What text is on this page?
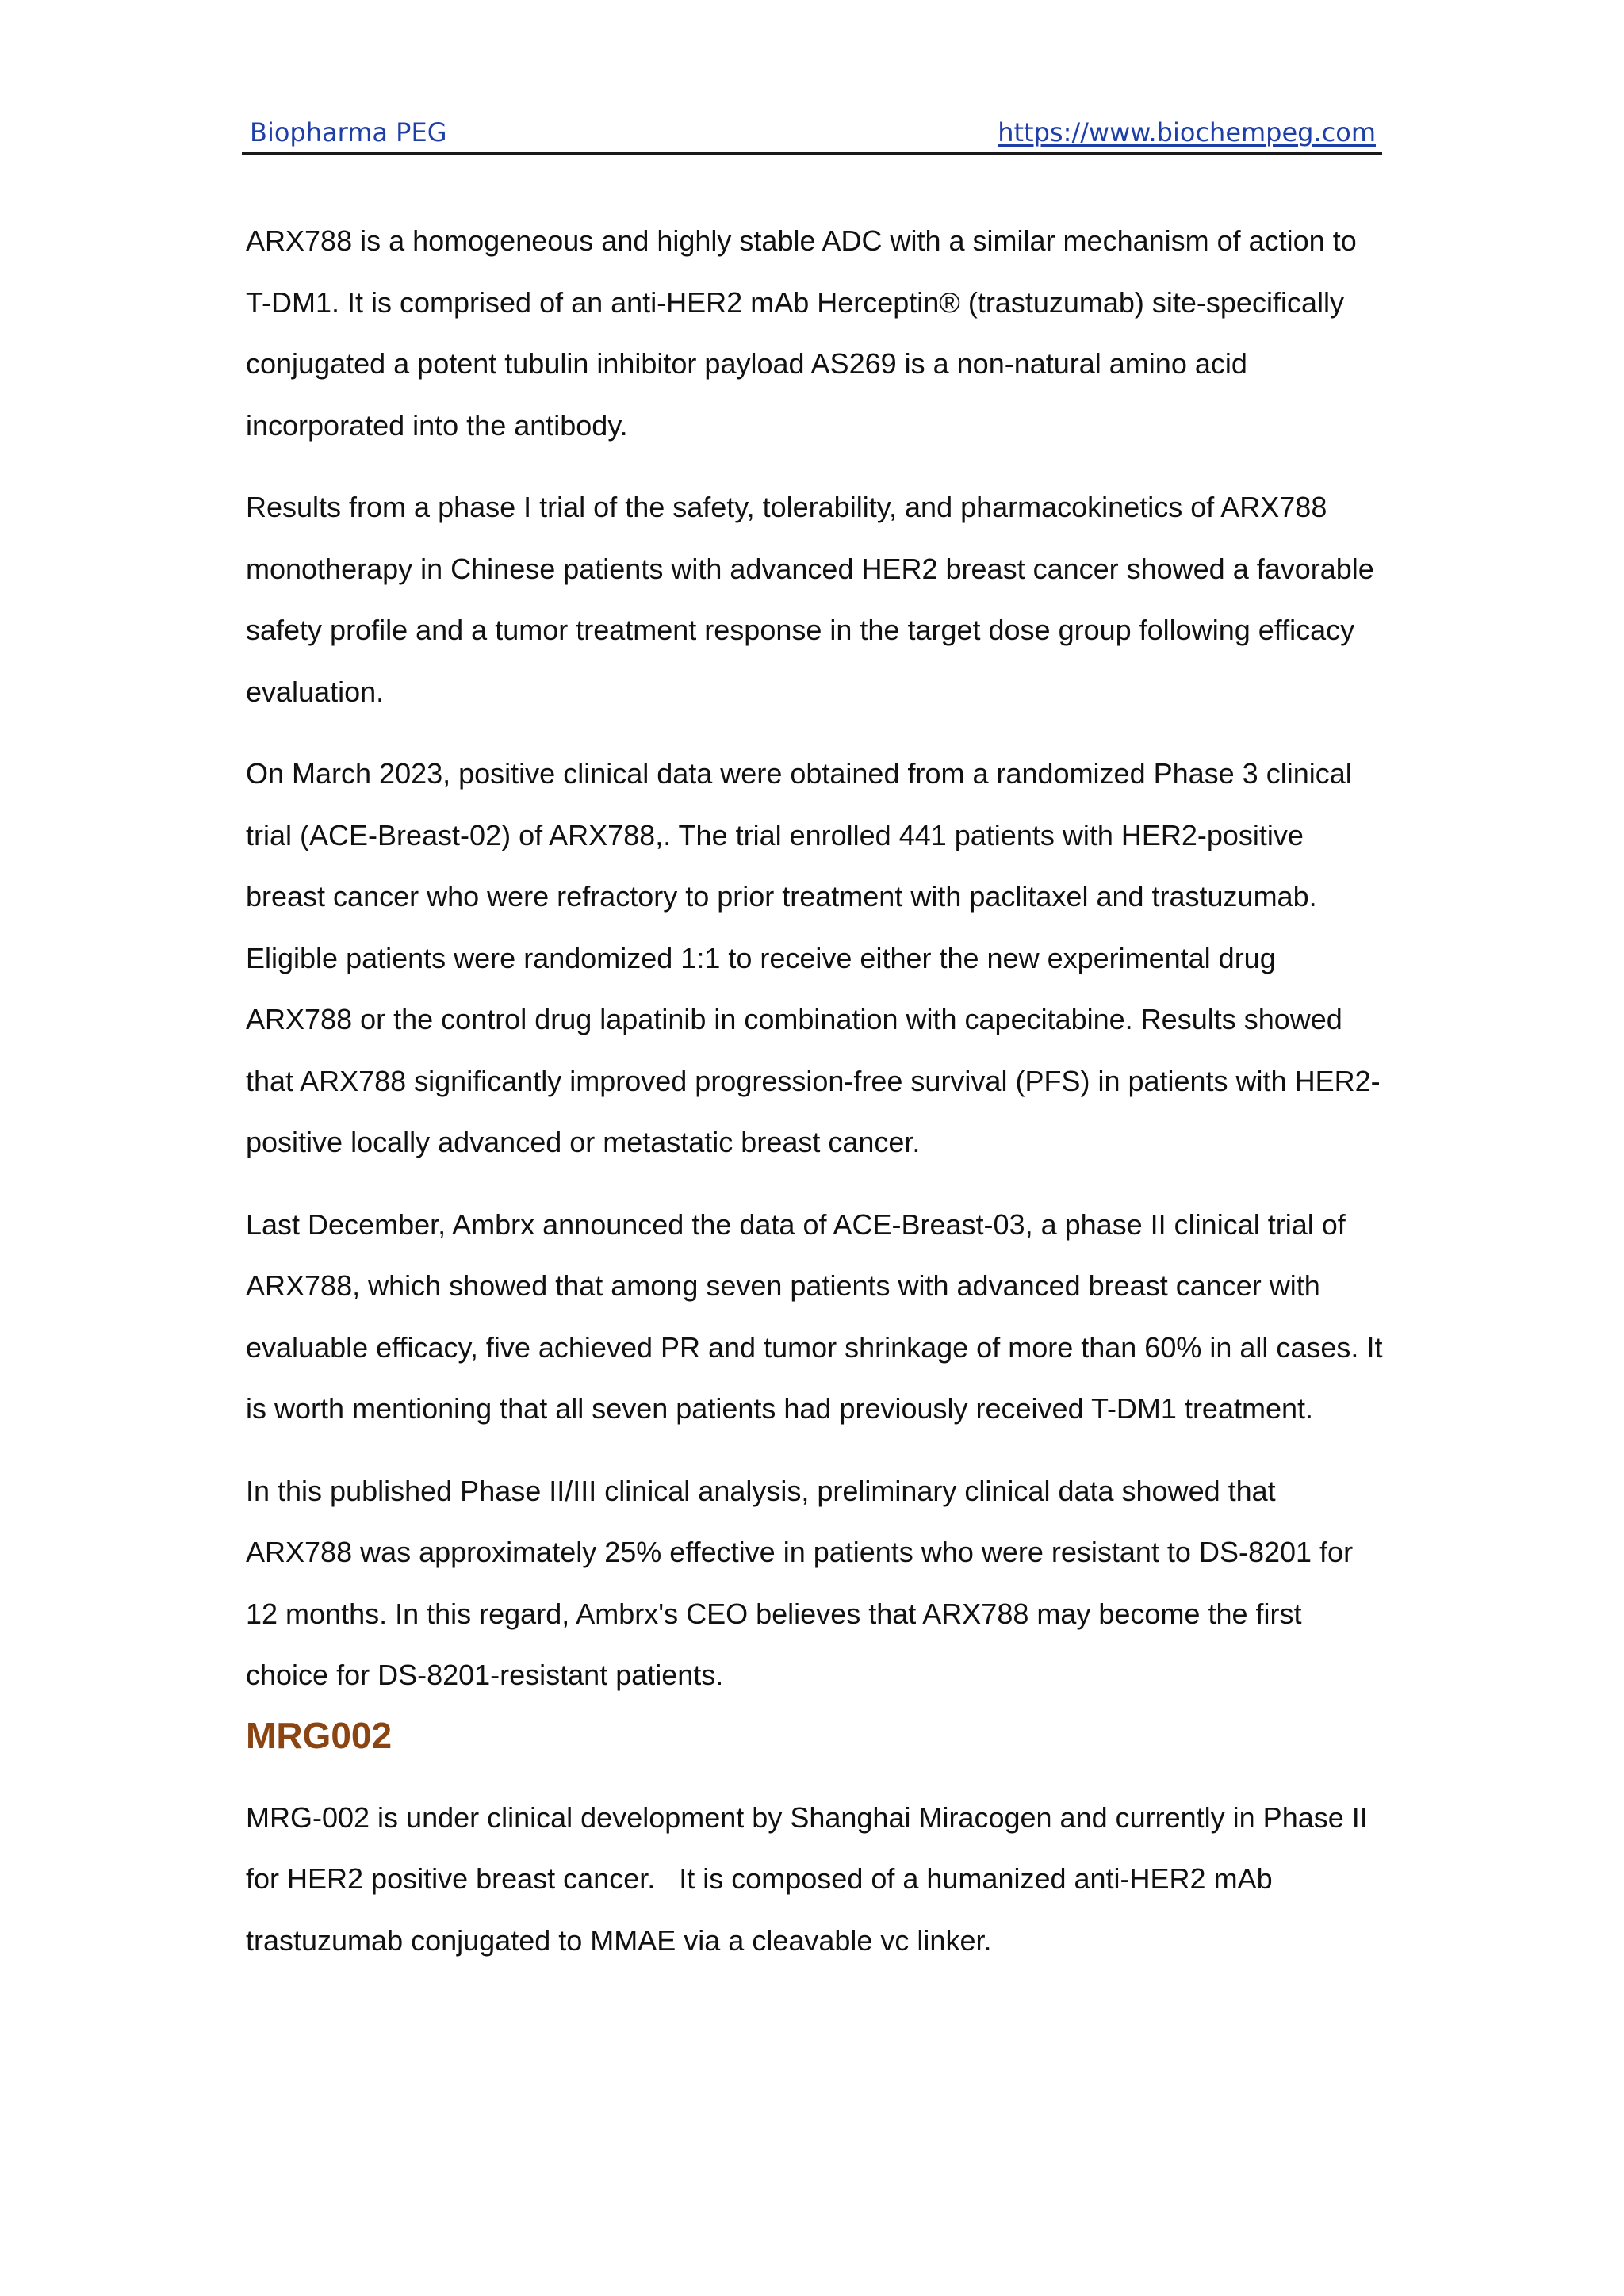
Biopharma PEG	https://www.biochempeg.com

ARX788 is a homogeneous and highly stable ADC with a similar mechanism of action to T-DM1. It is comprised of an anti-HER2 mAb Herceptin® (trastuzumab) site-specifically conjugated a potent tubulin inhibitor payload AS269 is a non-natural amino acid incorporated into the antibody.

Results from a phase I trial of the safety, tolerability, and pharmacokinetics of ARX788 monotherapy in Chinese patients with advanced HER2 breast cancer showed a favorable safety profile and a tumor treatment response in the target dose group following efficacy evaluation.

On March 2023, positive clinical data were obtained from a randomized Phase 3 clinical trial (ACE-Breast-02) of ARX788,. The trial enrolled 441 patients with HER2-positive breast cancer who were refractory to prior treatment with paclitaxel and trastuzumab. Eligible patients were randomized 1:1 to receive either the new experimental drug ARX788 or the control drug lapatinib in combination with capecitabine. Results showed that ARX788 significantly improved progression-free survival (PFS) in patients with HER2-positive locally advanced or metastatic breast cancer.

Last December, Ambrx announced the data of ACE-Breast-03, a phase II clinical trial of ARX788, which showed that among seven patients with advanced breast cancer with evaluable efficacy, five achieved PR and tumor shrinkage of more than 60% in all cases. It is worth mentioning that all seven patients had previously received T-DM1 treatment.

In this published Phase II/III clinical analysis, preliminary clinical data showed that ARX788 was approximately 25% effective in patients who were resistant to DS-8201 for 12 months. In this regard, Ambrx's CEO believes that ARX788 may become the first choice for DS-8201-resistant patients.

MRG002

MRG-002 is under clinical development by Shanghai Miracogen and currently in Phase II for HER2 positive breast cancer.   It is composed of a humanized anti-HER2 mAb trastuzumab conjugated to MMAE via a cleavable vc linker.
